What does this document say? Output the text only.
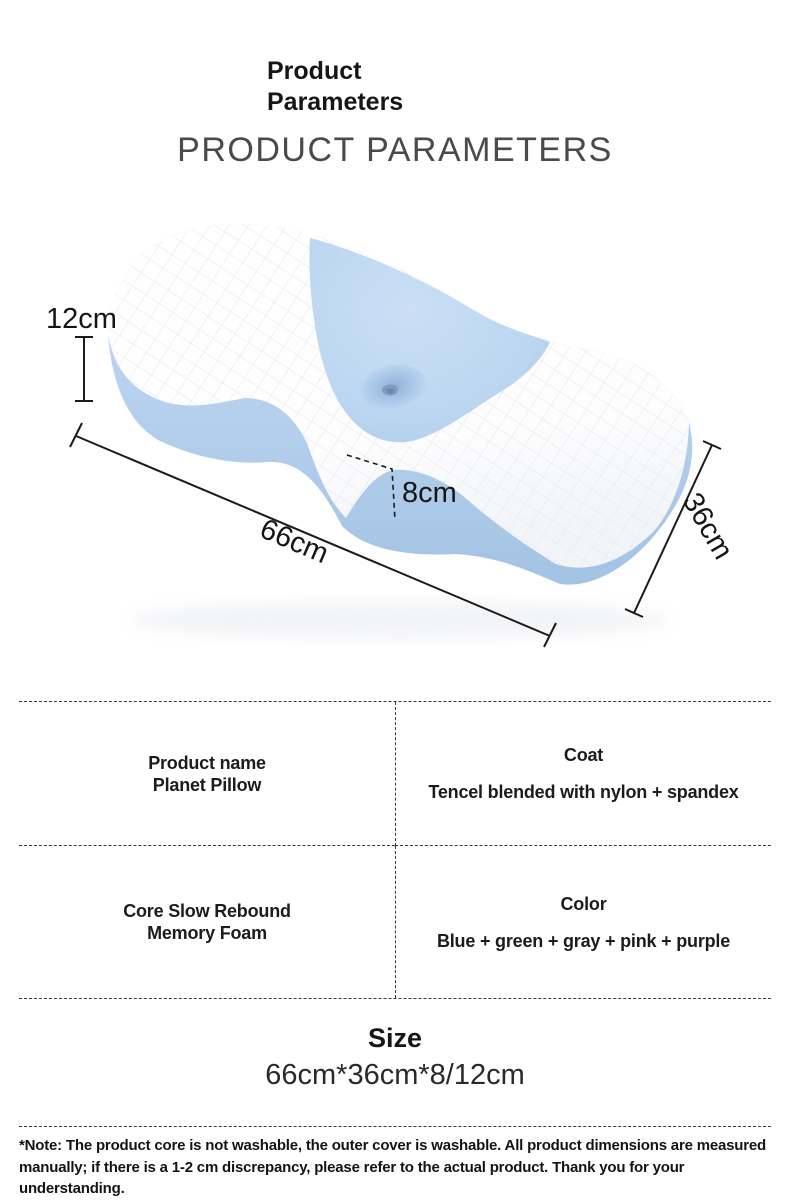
Product
Parameters
PRODUCT PARAMETERS
12cm
8cm
66cm	36cm
Product name
Planet Pillow
Coat
Tencel blended with nylon + spandex
Core Slow Rebound
Memory Foam
Color
Blue + green + gray + pink + purple
Size
66cm*36cm*8/12cm
*Note: The product core is not washable, the outer cover is washable. All product dimensions are measured
manually; if there is a 1-2 cm discrepancy, please refer to the actual product. Thank you for your understanding.
